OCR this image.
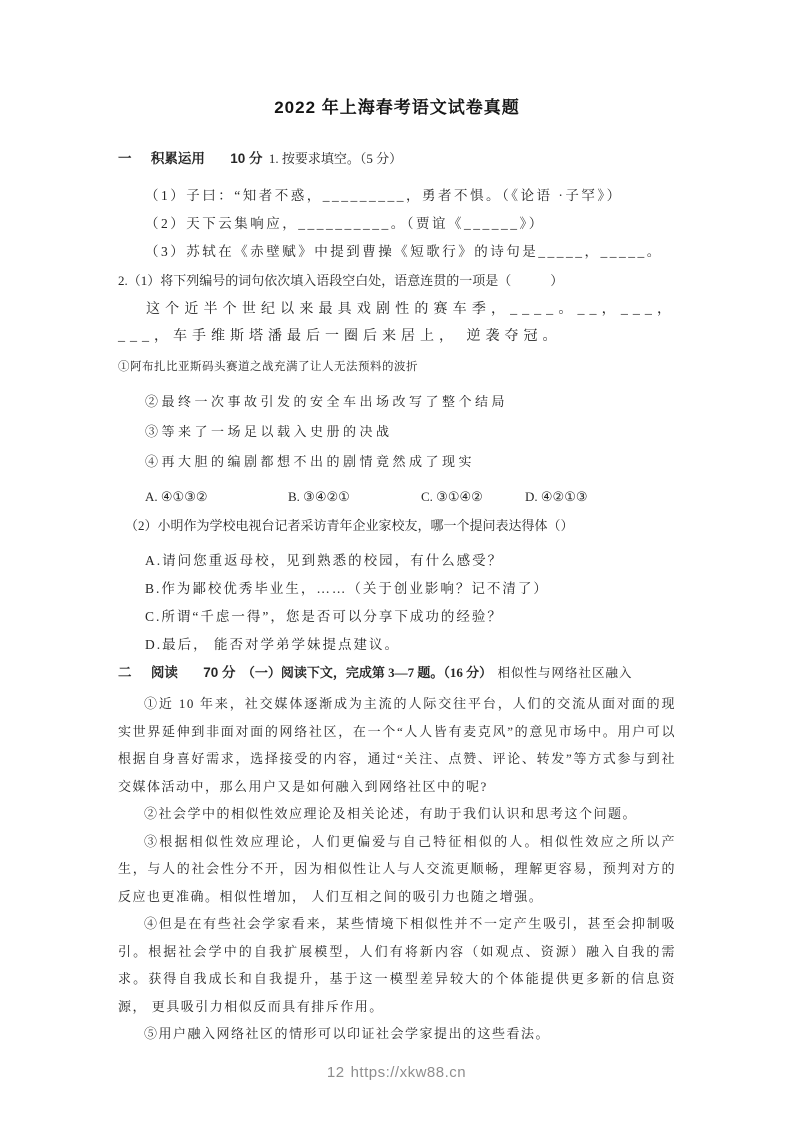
2022 年上海春考语文试卷真题
一 积累运用 10 分 1. 按要求填空。（5 分）
（1）子曰：“知者不惑，_________，勇者不惧。（《论语 ·子罕》）
（2）天下云集响应，__________。（贾谊《______》）
（3）苏轼在《赤壁赋》中提到曹操《短歌行》的诗句是_____，_____。
2.（1）将下列编号的词句依次填入语段空白处，语意连贯的一项是（　　　）
这个近半个世纪以来最具戏剧性的赛车季，____。__，___，___，车手维斯塔潘最后一圈后来居上， 逆袭夺冠。
①阿布扎比亚斯码头赛道之战充满了让人无法预料的波折
②最终一次事故引发的安全车出场改写了整个结局
③等来了一场足以载入史册的决战
④再大胆的编剧都想不出的剧情竟然成了现实
A. ④①③②	B. ③④②①	C. ③①④②	D. ④②①③
（2）小明作为学校电视台记者采访青年企业家校友，哪一个提问表达得体（）
A.请问您重返母校，见到熟悉的校园，有什么感受？
B.作为鄙校优秀毕业生，……（关于创业影响？记不清了）
C.所谓“千虑一得”，您是否可以分享下成功的经验？
D.最后， 能否对学弟学妹提点建议。
二 阅读 70 分 （一）阅读下文，完成第 3—7 题。（16 分） 相似性与网络社区融入

①近 10 年来，社交媒体逐渐成为主流的人际交往平台，人们的交流从面对面的现实世界延伸到非面对面的网络社区，在一个“人人皆有麦克风”的意见市场中。用户可以根据自身喜好需求，选择接受的内容，通过“关注、点赞、评论、转发”等方式参与到社交媒体活动中，那么用户又是如何融入到网络社区中的呢?

②社会学中的相似性效应理论及相关论述，有助于我们认识和思考这个问题。

③根据相似性效应理论，人们更偏爱与自己特征相似的人。相似性效应之所以产生，与人的社会性分不开，因为相似性让人与人交流更顺畅，理解更容易，预判对方的反应也更准确。相似性增加， 人们互相之间的吸引力也随之增强。

④但是在有些社会学家看来，某些情境下相似性并不一定产生吸引，甚至会抑制吸引。根据社会学中的自我扩展模型，人们有将新内容（如观点、资源）融入自我的需求。获得自我成长和自我提升，基于这一模型差异较大的个体能提供更多新的信息资源， 更具吸引力相似反而具有排斥作用。

⑤用户融入网络社区的情形可以印证社会学家提出的这些看法。

12 https://xkw88.cn
